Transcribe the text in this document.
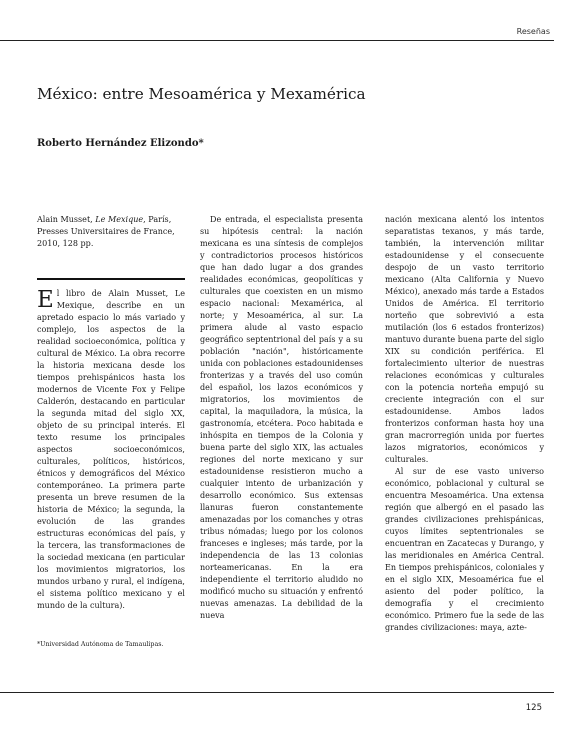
Reseñas
México: entre Mesoamérica y Mexamérica
Roberto Hernández Elizondo*

Alain Musset, Le Mexique, París, Presses Universitaires de France, 2010, 128 pp.

El libro de Alain Musset, Le Mexique, describe en un apretado espacio lo más variado y complejo, los aspectos de la realidad socioeconómica, política y cultural de México. La obra recorre la historia mexicana desde los tiempos prehispánicos hasta los modernos de Vicente Fox y Felipe Calderón, destacando en particular la segunda mitad del siglo XX, objeto de su principal interés. El texto resume los principales aspectos socioeconómicos, culturales, políticos, históricos, étnicos y demográficos del México contemporáneo. La primera parte presenta un breve resumen de la historia de México; la segunda, la evolución de las grandes estructuras económicas del país, y la tercera, las transformaciones de la sociedad mexicana (en particular los movimientos migratorios, los mundos urbano y rural, el indígena, el sistema político mexicano y el mundo de la cultura).

*Universidad Autónoma de Tamaulipas.

De entrada, el especialista presenta su hipótesis central: la nación mexicana es una síntesis de complejos y contradictorios procesos históricos que han dado lugar a dos grandes realidades económicas, geopolíticas y culturales que coexisten en un mismo espacio nacional: Mexamérica, al norte; y Mesoamérica, al sur. La primera alude al vasto espacio geográfico septentrional del país y a su población "nación", históricamente unida con poblaciones estadounidenses fronterizas y a través del uso común del español, los lazos económicos y migratorios, los movimientos de capital, la maquiladora, la música, la gastronomía, etcétera. Poco habitada e inhóspita en tiempos de la Colonia y buena parte del siglo XIX, las actuales regiones del norte mexicano y sur estadounidense resistieron mucho a cualquier intento de urbanización y desarrollo económico. Sus extensas llanuras fueron constantemente amenazadas por los comanches y otras tribus nómadas; luego por los colonos franceses e ingleses; más tarde, por la independencia de las 13 colonias norteamericanas. En la era independiente el territorio aludido no modificó mucho su situación y enfrentó nuevas amenazas. La debilidad de la nueva

nación mexicana alentó los intentos separatistas texanos, y más tarde, también, la intervención militar estadounidense y el consecuente despojo de un vasto territorio mexicano (Alta California y Nuevo México), anexado más tarde a Estados Unidos de América. El territorio norteño que sobrevivió a esta mutilación (los 6 estados fronterizos) mantuvo durante buena parte del siglo XIX su condición periférica. El fortalecimiento ulterior de nuestras relaciones económicas y culturales con la potencia norteña empujó su creciente integración con el sur estadounidense. Ambos lados fronterizos conforman hasta hoy una gran macrorregión unida por fuertes lazos migratorios, económicos y culturales.

Al sur de ese vasto universo económico, poblacional y cultural se encuentra Mesoamérica. Una extensa región que albergó en el pasado las grandes civilizaciones prehispánicas, cuyos límites septentrionales se encuentran en Zacatecas y Durango, y las meridionales en América Central. En tiempos prehispánicos, coloniales y en el siglo XIX, Mesoamérica fue el asiento del poder político, la demografía y el crecimiento económico. Primero fue la sede de las grandes civilizaciones: maya, azte-

125
